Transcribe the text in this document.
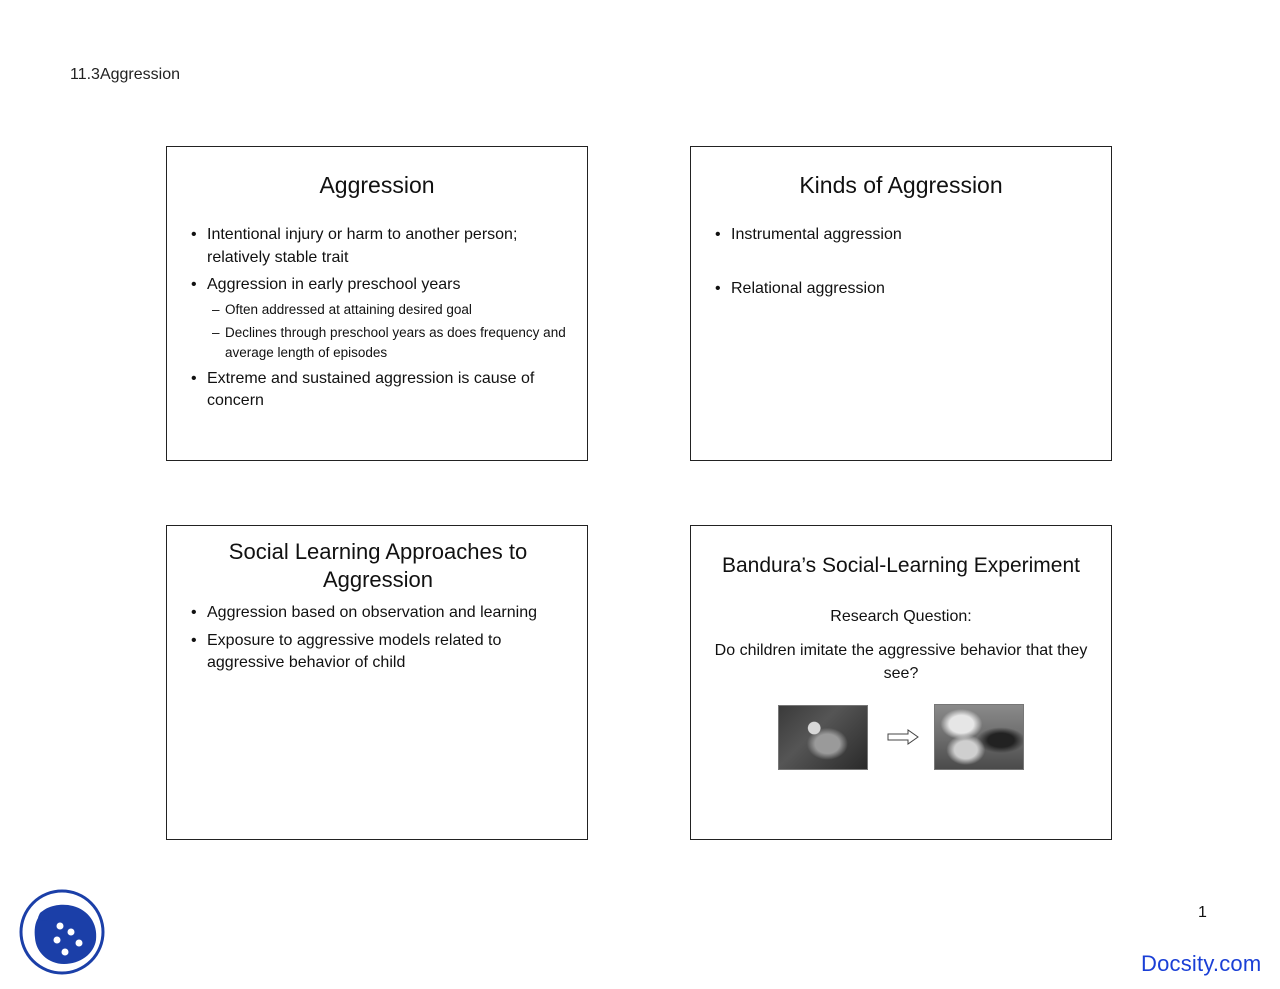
11.3Aggression
Aggression
• Intentional injury or harm to another person; relatively stable trait
• Aggression in early preschool years
– Often addressed at attaining desired goal
– Declines through preschool years as does frequency and average length of episodes
• Extreme and sustained aggression is cause of concern
Kinds of Aggression
• Instrumental aggression
• Relational aggression
Social Learning Approaches to Aggression
• Aggression based on observation and learning
• Exposure to aggressive models related to aggressive behavior of child
Bandura’s Social-Learning Experiment
Research Question:
Do children imitate the aggressive behavior that they see?
1
Docsity.com
